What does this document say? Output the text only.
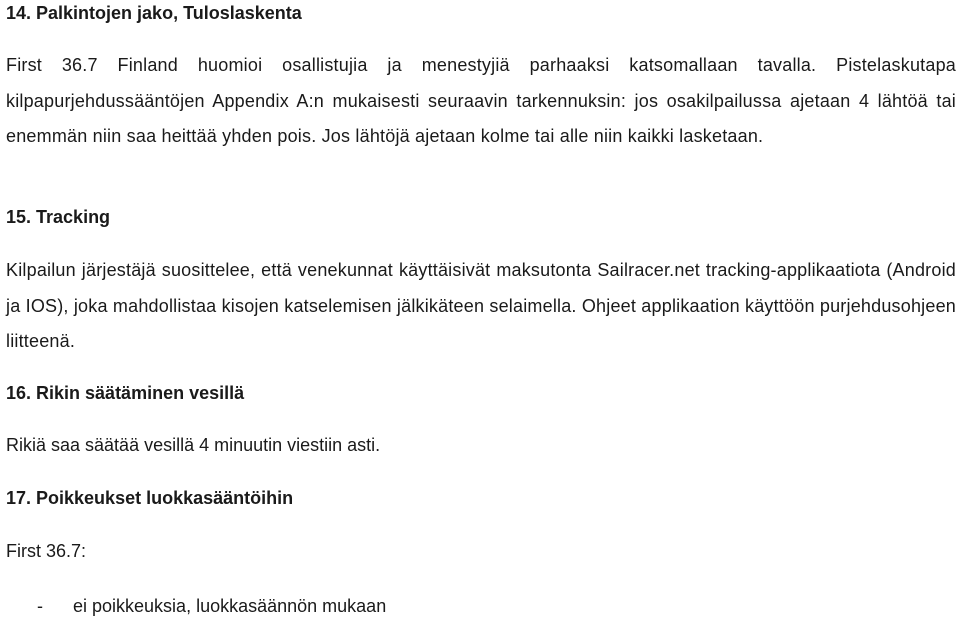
14. Palkintojen jako, Tuloslaskenta

First 36.7 Finland huomioi osallistujia ja menestyjiä parhaaksi katsomallaan tavalla. Pistelaskutapa kilpapurjehdussääntöjen Appendix A:n mukaisesti seuraavin tarkennuksin: jos osakilpailussa ajetaan 4 lähtöä tai enemmän niin saa heittää yhden pois. Jos lähtöjä ajetaan kolme tai alle niin kaikki lasketaan.

15. Tracking

Kilpailun järjestäjä suosittelee, että venekunnat käyttäisivät maksutonta Sailracer.net tracking-applikaatiota (Android ja IOS), joka mahdollistaa kisojen katselemisen jälkikäteen selaimella. Ohjeet applikaation käyttöön purjehdusohjeen liitteenä.

16. Rikin säätäminen vesillä
Rikiä saa säätää vesillä 4 minuutin viestiin asti.
17. Poikkeukset luokkasääntöihin
First 36.7:
- ei poikkeuksia, luokkasäännön mukaan
